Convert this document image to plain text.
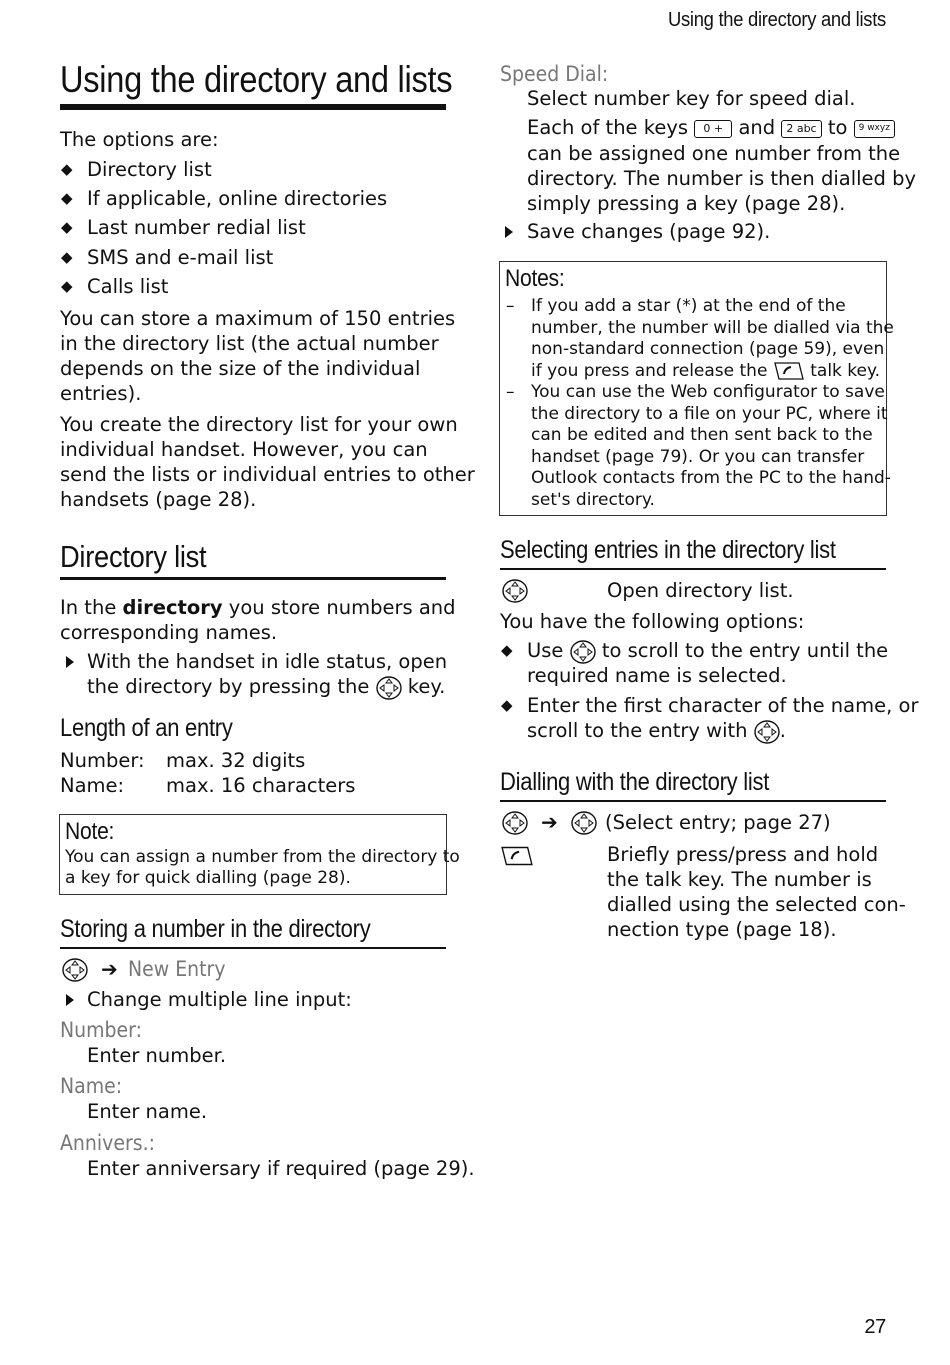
Using the directory and lists
Using the directory and lists
The options are:
◆ Directory list
◆ If applicable, online directories
◆ Last number redial list
◆ SMS and e-mail list
◆ Calls list
You can store a maximum of 150 entries
in the directory list (the actual number
depends on the size of the individual
entries).
You create the directory list for your own
individual handset. However, you can
send the lists or individual entries to other
handsets (page 28).
Directory list
In the directory you store numbers and
corresponding names.
With the handset in idle status, open
the directory by pressing the key.
Length of an entry
Number: max. 32 digits
Name: max. 16 characters
Note:
You can assign a number from the directory to
a key for quick dialling (page 28).
Storing a number in the directory
➔ New Entry
Change multiple line input:
Number:
Enter number.
Name:
Enter name.
Annivers.:
Enter anniversary if required (page 29).
Speed Dial:
Select number key for speed dial.
Each of the keys 0 + and 2 abc to 9 wxyz
can be assigned one number from the
directory. The number is then dialled by
simply pressing a key (page 28).
Save changes (page 92).
Notes:
– If you add a star (*) at the end of the
number, the number will be dialled via the
non-standard connection (page 59), even
if you press and release the	talk key.
– You can use the Web configurator to save
the directory to a file on your PC, where it
can be edited and then sent back to the
handset (page 79). Or you can transfer
Outlook contacts from the PC to the hand-
set's directory.
Selecting entries in the directory list
Open directory list.
You have the following options:
◆ Use to scroll to the entry until the
required name is selected.
◆ Enter the first character of the name, or
scroll to the entry with .
Dialling with the directory list
➔ (Select entry; page 27)
Briefly press/press and hold
the talk key. The number is
dialled using the selected con-
nection type (page 18).
27
